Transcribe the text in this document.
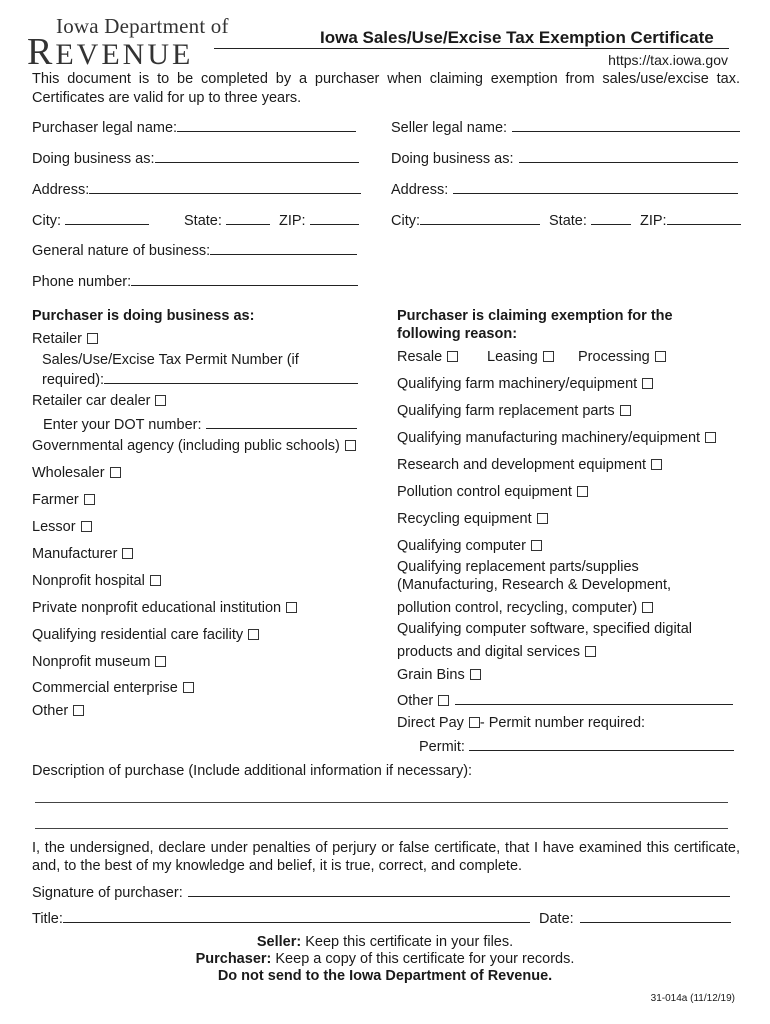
Iowa Department of
REVENUE
Iowa Sales/Use/Excise Tax Exemption Certificate
https://tax.iowa.gov
This document is to be completed by a purchaser when claiming exemption from sales/use/excise tax. Certificates are valid for up to three years.
Purchaser legal name:
Doing business as:
Address:
City:	State:	ZIP:
General nature of business:
Phone number:
Seller legal name:
Doing business as:
Address:
City:	State:	ZIP:
Purchaser is doing business as:
Retailer
Sales/Use/Excise Tax Permit Number (if
required):
Retailer car dealer
Enter your DOT number:
Governmental agency (including public schools)
Wholesaler
Farmer
Lessor
Manufacturer
Nonprofit hospital
Private nonprofit educational institution
Qualifying residential care facility
Nonprofit museum
Commercial enterprise
Other
Purchaser is claiming exemption for the
following reason:
Resale	Leasing	Processing
Qualifying farm machinery/equipment
Qualifying farm replacement parts
Qualifying manufacturing machinery/equipment
Research and development equipment
Pollution control equipment
Recycling equipment
Qualifying computer
Qualifying replacement parts/supplies
(Manufacturing, Research & Development,
pollution control, recycling, computer)
Qualifying computer software, specified digital
products and digital services
Grain Bins
Other
Direct Pay - Permit number required:
Permit:
Description of purchase (Include additional information if necessary):
I, the undersigned, declare under penalties of perjury or false certificate, that I have examined this certificate, and, to the best of my knowledge and belief, it is true, correct, and complete.
Signature of purchaser:
Title:	Date:
Seller: Keep this certificate in your files.
Purchaser: Keep a copy of this certificate for your records.
Do not send to the Iowa Department of Revenue.
31-014a (11/12/19)
